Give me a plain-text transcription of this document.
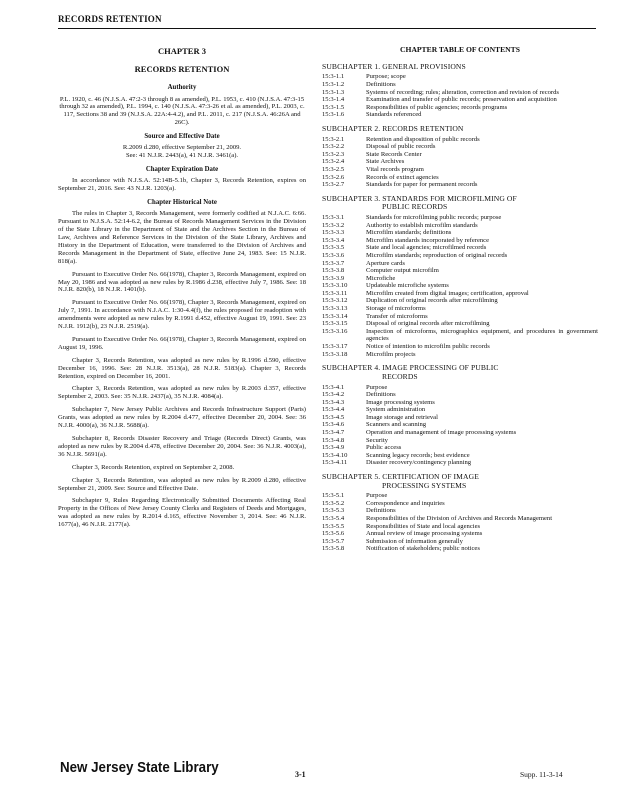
RECORDS RETENTION
CHAPTER 3
RECORDS RETENTION
Authority
P.L. 1920, c. 46 (N.J.S.A. 47:2-3 through 8 as amended), P.L. 1953, c. 410 (N.J.S.A. 47:3-15 through 32 as amended), P.L. 1994, c. 140 (N.J.S.A. 47:3-26 et al. as amended), P.L. 2003, c. 117, Sections 38 and 39 (N.J.S.A. 22A:4-4.2), and P.L. 2011, c. 217 (N.J.S.A. 46:26A and 26C).
Source and Effective Date
R.2009 d.280, effective September 21, 2009.
See: 41 N.J.R. 2443(a), 41 N.J.R. 3461(a).
Chapter Expiration Date
In accordance with N.J.S.A. 52:14B-5.1b, Chapter 3, Records Retention, expires on September 21, 2016. See: 43 N.J.R. 1203(a).
Chapter Historical Note
The rules in Chapter 3, Records Management, were formerly codified at N.J.A.C. 6:66. Pursuant to N.J.S.A. 52:14-6.2, the Bureau of Records Management Services in the Division of the State Library in the Department of State and the Archives Section in the Bureau of Law, Archives and Reference Services in the Division of the State Library, Archives and History in the Department of Education, were transferred to the Division of Archives and Records Management in the Department of State, effective June 24, 1983. See: 15 N.J.R. 818(a).
Pursuant to Executive Order No. 66(1978), Chapter 3, Records Management, expired on May 20, 1986 and was adopted as new rules by R.1986 d.238, effective July 7, 1986. See: 18 N.J.R. 820(b), 18 N.J.R. 1401(b).
Pursuant to Executive Order No. 66(1978), Chapter 3, Records Management, expired on July 7, 1991. In accordance with N.J.A.C. 1:30-4.4(f), the rules proposed for readoption with amendments were adopted as new rules by R.1991 d.452, effective August 19, 1991. See: 23 N.J.R. 1912(b), 23 N.J.R. 2519(a).
Pursuant to Executive Order No. 66(1978), Chapter 3, Records Management, expired on August 19, 1996.
Chapter 3, Records Retention, was adopted as new rules by R.1996 d.590, effective December 16, 1996. See: 28 N.J.R. 3513(a), 28 N.J.R. 5183(a). Chapter 3, Records Retention, expired on December 16, 2001.
Chapter 3, Records Retention, was adopted as new rules by R.2003 d.357, effective September 2, 2003. See: 35 N.J.R. 2437(a), 35 N.J.R. 4084(a).
Subchapter 7, New Jersey Public Archives and Records Infrastructure Support (Paris) Grants, was adopted as new rules by R.2004 d.477, effective December 20, 2004. See: 36 N.J.R. 4000(a), 36 N.J.R. 5688(a).
Subchapter 8, Records Disaster Recovery and Triage (Records Direct) Grants, was adopted as new rules by R.2004 d.478, effective December 20, 2004. See: 36 N.J.R. 4003(a), 36 N.J.R. 5691(a).
Chapter 3, Records Retention, expired on September 2, 2008.
Chapter 3, Records Retention, was adopted as new rules by R.2009 d.280, effective September 21, 2009. See: Source and Effective Date.
Subchapter 9, Rules Regarding Electronically Submitted Documents Affecting Real Property in the Offices of New Jersey County Clerks and Registers of Deeds and Mortgages, was adopted as new rules by R.2014 d.165, effective November 3, 2014. See: 46 N.J.R. 1677(a), 46 N.J.R. 2177(a).
CHAPTER TABLE OF CONTENTS
SUBCHAPTER 1. GENERAL PROVISIONS
15:3-1.1	Purpose; scope
15:3-1.2	Definitions
15:3-1.3	Systems of recording; rules; alteration, correction and revision of records
15:3-1.4	Examination and transfer of public records; preservation and acquisition
15:3-1.5	Responsibilities of public agencies; records programs
15:3-1.6	Standards referenced
SUBCHAPTER 2. RECORDS RETENTION
15:3-2.1	Retention and disposition of public records
15:3-2.2	Disposal of public records
15:3-2.3	State Records Center
15:3-2.4	State Archives
15:3-2.5	Vital records program
15:3-2.6	Records of extinct agencies
15:3-2.7	Standards for paper for permanent records
SUBCHAPTER 3. STANDARDS FOR MICROFILMING OF
PUBLIC RECORDS
15:3-3.1	Standards for microfilming public records; purpose
15:3-3.2	Authority to establish microfilm standards
15:3-3.3	Microfilm standards; definitions
15:3-3.4	Microfilm standards incorporated by reference
15:3-3.5	State and local agencies; microfilmed records
15:3-3.6	Microfilm standards; reproduction of original records
15:3-3.7	Aperture cards
15:3-3.8	Computer output microfilm
15:3-3.9	Microfiche
15:3-3.10	Updateable microfiche systems
15:3-3.11	Microfilm created from digital images; certification, approval
15:3-3.12	Duplication of original records after microfilming
15:3-3.13	Storage of microforms
15:3-3.14	Transfer of microforms
15:3-3.15	Disposal of original records after microfilming
15:3-3.16	Inspection of microforms, micrographics equipment, and procedures in government agencies
15:3-3.17	Notice of intention to microfilm public records
15:3-3.18	Microfilm projects
SUBCHAPTER 4. IMAGE PROCESSING OF PUBLIC
RECORDS
15:3-4.1	Purpose
15:3-4.2	Definitions
15:3-4.3	Image processing systems
15:3-4.4	System administration
15:3-4.5	Image storage and retrieval
15:3-4.6	Scanners and scanning
15:3-4.7	Operation and management of image processing systems
15:3-4.8	Security
15:3-4.9	Public access
15:3-4.10	Scanning legacy records; best evidence
15:3-4.11	Disaster recovery/contingency planning
SUBCHAPTER 5. CERTIFICATION OF IMAGE
PROCESSING SYSTEMS
15:3-5.1	Purpose
15:3-5.2	Correspondence and inquiries
15:3-5.3	Definitions
15:3-5.4	Responsibilities of the Division of Archives and Records Management
15:3-5.5	Responsibilities of State and local agencies
15:3-5.6	Annual review of image processing systems
15:3-5.7	Submission of information generally
15:3-5.8	Notification of stakeholders; public notices
New Jersey State Library	3-1	Supp. 11-3-14
